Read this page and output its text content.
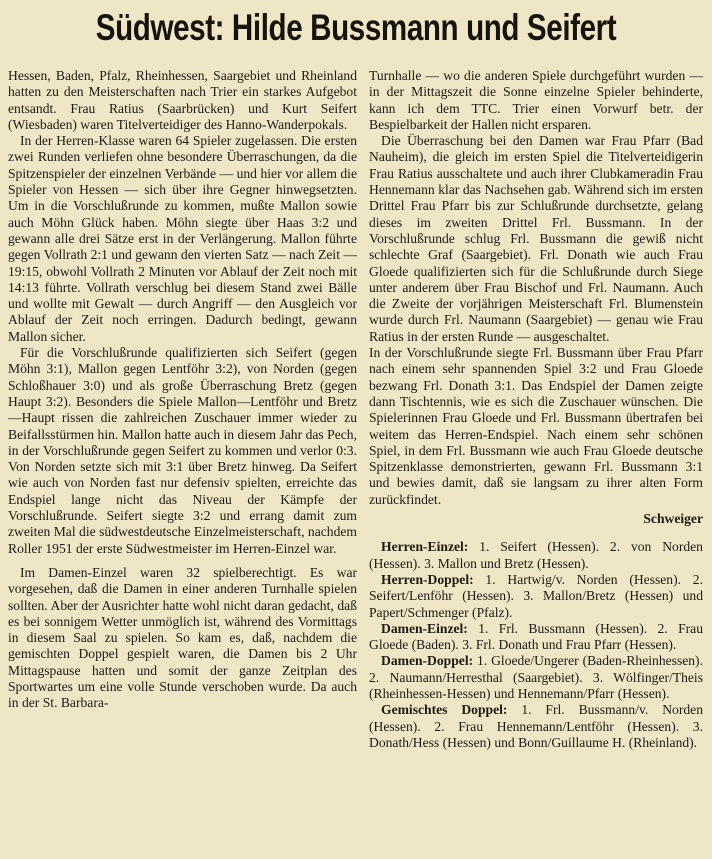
Südwest: Hilde Bussmann und Seifert

Hessen, Baden, Pfalz, Rheinhessen, Saargebiet und Rheinland hatten zu den Meisterschaften nach Trier ein starkes Aufgebot entsandt. Frau Ratius (Saarbrücken) und Kurt Seifert (Wiesbaden) waren Titelverteidiger des Hanno-Wanderpokals.

In der Herren-Klasse waren 64 Spieler zugelassen. Die ersten zwei Runden verliefen ohne besondere Überraschungen, da die Spitzenspieler der einzelnen Verbände — und hier vor allem die Spieler von Hessen — sich über ihre Gegner hinwegsetzten. Um in die Vorschlußrunde zu kommen, mußte Mallon sowie auch Möhn Glück haben. Möhn siegte über Haas 3:2 und gewann alle drei Sätze erst in der Verlängerung. Mallon führte gegen Vollrath 2:1 und gewann den vierten Satz — nach Zeit — 19:15, obwohl Vollrath 2 Minuten vor Ablauf der Zeit noch mit 14:13 führte. Vollrath verschlug bei diesem Stand zwei Bälle und wollte mit Gewalt — durch Angriff — den Ausgleich vor Ablauf der Zeit noch erringen. Dadurch bedingt, gewann Mallon sicher.

Für die Vorschlußrunde qualifizierten sich Seifert (gegen Möhn 3:1), Mallon gegen Lentföhr 3:2), von Norden (gegen Schloßhauer 3:0) und als große Überraschung Bretz (gegen Haupt 3:2). Besonders die Spiele Mallon—Lentföhr und Bretz—Haupt rissen die zahlreichen Zuschauer immer wieder zu Beifallsstürmen hin. Mallon hatte auch in diesem Jahr das Pech, in der Vorschlußrunde gegen Seifert zu kommen und verlor 0:3. Von Norden setzte sich mit 3:1 über Bretz hinweg. Da Seifert wie auch von Norden fast nur defensiv spielten, erreichte das Endspiel lange nicht das Niveau der Kämpfe der Vorschlußrunde. Seifert siegte 3:2 und errang damit zum zweiten Mal die südwestdeutsche Einzelmeisterschaft, nachdem Roller 1951 der erste Südwestmeister im Herren-Einzel war.

Im Damen-Einzel waren 32 spielberechtigt. Es war vorgesehen, daß die Damen in einer anderen Turnhalle spielen sollten. Aber der Ausrichter hatte wohl nicht daran gedacht, daß es bei sonnigem Wetter unmöglich ist, während des Vormittags in diesem Saal zu spielen. So kam es, daß, nachdem die gemischten Doppel gespielt waren, die Damen bis 2 Uhr Mittagspause hatten und somit der ganze Zeitplan des Sportwartes um eine volle Stunde verschoben wurde. Da auch in der St. Barbara-

Turnhalle — wo die anderen Spiele durchgeführt wurden — in der Mittagszeit die Sonne einzelne Spieler behinderte, kann ich dem TTC. Trier einen Vorwurf betr. der Bespielbarkeit der Hallen nicht ersparen.

Die Überraschung bei den Damen war Frau Pfarr (Bad Nauheim), die gleich im ersten Spiel die Titelverteidigerin Frau Ratius ausschaltete und auch ihrer Clubkameradin Frau Hennemann klar das Nachsehen gab. Während sich im ersten Drittel Frau Pfarr bis zur Schlußrunde durchsetzte, gelang dieses im zweiten Drittel Frl. Bussmann. In der Vorschlußrunde schlug Frl. Bussmann die gewiß nicht schlechte Graf (Saargebiet). Frl. Donath wie auch Frau Gloede qualifizierten sich für die Schlußrunde durch Siege unter anderem über Frau Bischof und Frl. Naumann. Auch die Zweite der vorjährigen Meisterschaft Frl. Blumenstein wurde durch Frl. Naumann (Saargebiet) — genau wie Frau Ratius in der ersten Runde — ausgeschaltet.

In der Vorschlußrunde siegte Frl. Bussmann über Frau Pfarr nach einem sehr spannenden Spiel 3:2 und Frau Gloede bezwang Frl. Donath 3:1. Das Endspiel der Damen zeigte dann Tischtennis, wie es sich die Zuschauer wünschen. Die Spielerinnen Frau Gloede und Frl. Bussmann übertrafen bei weitem das Herren-Endspiel. Nach einem sehr schönen Spiel, in dem Frl. Bussmann wie auch Frau Gloede deutsche Spitzenklasse demonstrierten, gewann Frl. Bussmann 3:1 und bewies damit, daß sie langsam zu ihrer alten Form zurückfindet.

Schweiger

Herren-Einzel: 1. Seifert (Hessen). 2. von Norden (Hessen). 3. Mallon und Bretz (Hessen).

Herren-Doppel: 1. Hartwig/v. Norden (Hessen). 2. Seifert/Lenföhr (Hessen). 3. Mallon/Bretz (Hessen) und Papert/Schmenger (Pfalz).

Damen-Einzel: 1. Frl. Bussmann (Hessen). 2. Frau Gloede (Baden). 3. Frl. Donath und Frau Pfarr (Hessen).

Damen-Doppel: 1. Gloede/Ungerer (Baden-Rheinhessen). 2. Naumann/Herresthal (Saargebiet). 3. Wölfinger/Theis (Rheinhessen-Hessen) und Hennemann/Pfarr (Hessen).

Gemischtes Doppel: 1. Frl. Bussmann/v. Norden (Hessen). 2. Frau Hennemann/Lentföhr (Hessen). 3. Donath/Hess (Hessen) und Bonn/Guillaume H. (Rheinland).
